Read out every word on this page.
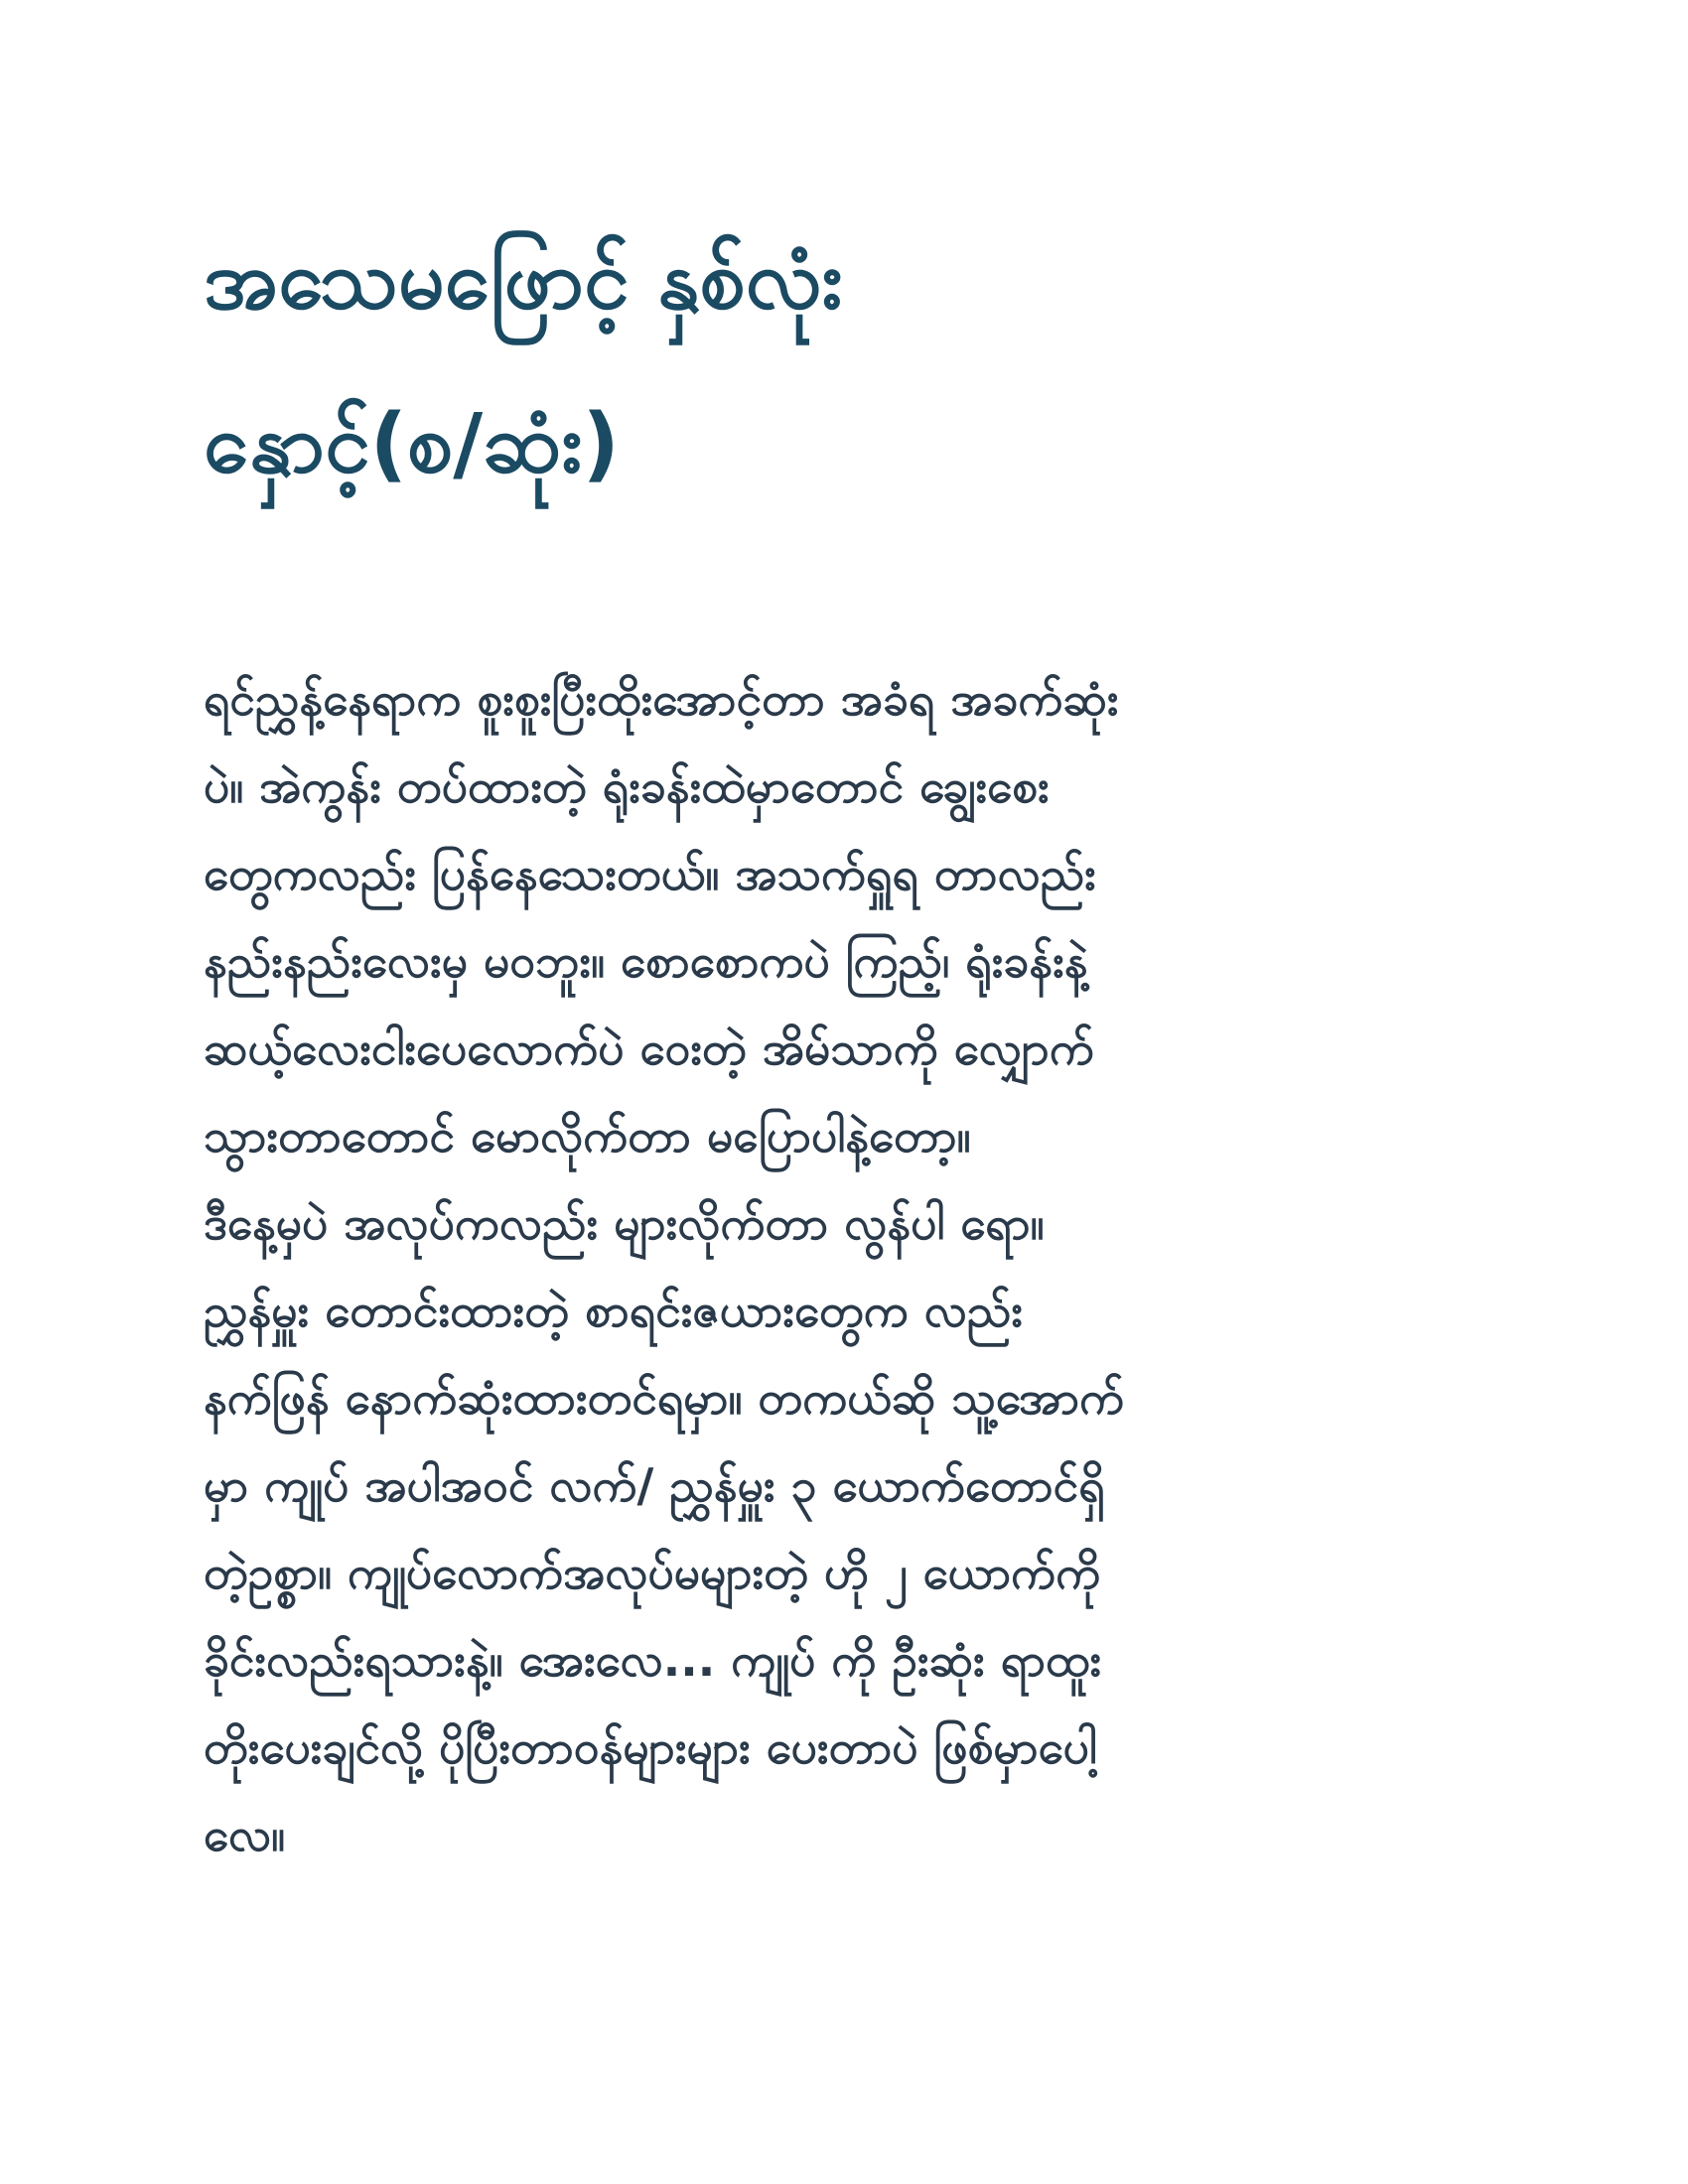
အသေမဖြောင့် နှစ်လုံး
နှောင့်(စ/ဆုံး)
ရင်ညွှန့်နေရာက စူးစူးပြီးထိုးအောင့်တာ အခံရ အခက်ဆုံး
ပဲ။ အဲကွန်း တပ်ထားတဲ့ ရုံးခန်းထဲမှာတောင် ချွေးစေး
တွေကလည်း ပြန်နေသေးတယ်။ အသက်ရှူရ တာလည်း
နည်းနည်းလေးမှ မဝဘူး။ စောစောကပဲ ကြည့်၊ ရုံးခန်းနဲ့
ဆယ့်လေးငါးပေလောက်ပဲ ဝေးတဲ့ အိမ်သာကို လျှောက်
သွားတာတောင် မောလိုက်တာ မပြောပါနဲ့တော့။
ဒီနေ့မှပဲ အလုပ်ကလည်း များလိုက်တာ လွန်ပါ ရော။
ညွှန်မှူး တောင်းထားတဲ့ စာရင်းဇယားတွေက လည်း
နက်ဖြန် နောက်ဆုံးထားတင်ရမှာ။ တကယ်ဆို သူ့အောက်
မှာ ကျုပ် အပါအဝင် လက်/ ညွှန်မှူး ၃ ယောက်တောင်ရှိ
တဲ့ဥစ္စာ။ ကျုပ်လောက်အလုပ်မများတဲ့ ဟို ၂ ယောက်ကို
ခိုင်းလည်းရသားနဲ့။ အေးလေ... ကျုပ် ကို ဦးဆုံး ရာထူး
တိုးပေးချင်လို့ ပိုပြီးတာဝန်များများ ပေးတာပဲ ဖြစ်မှာပေါ့
လေ။
